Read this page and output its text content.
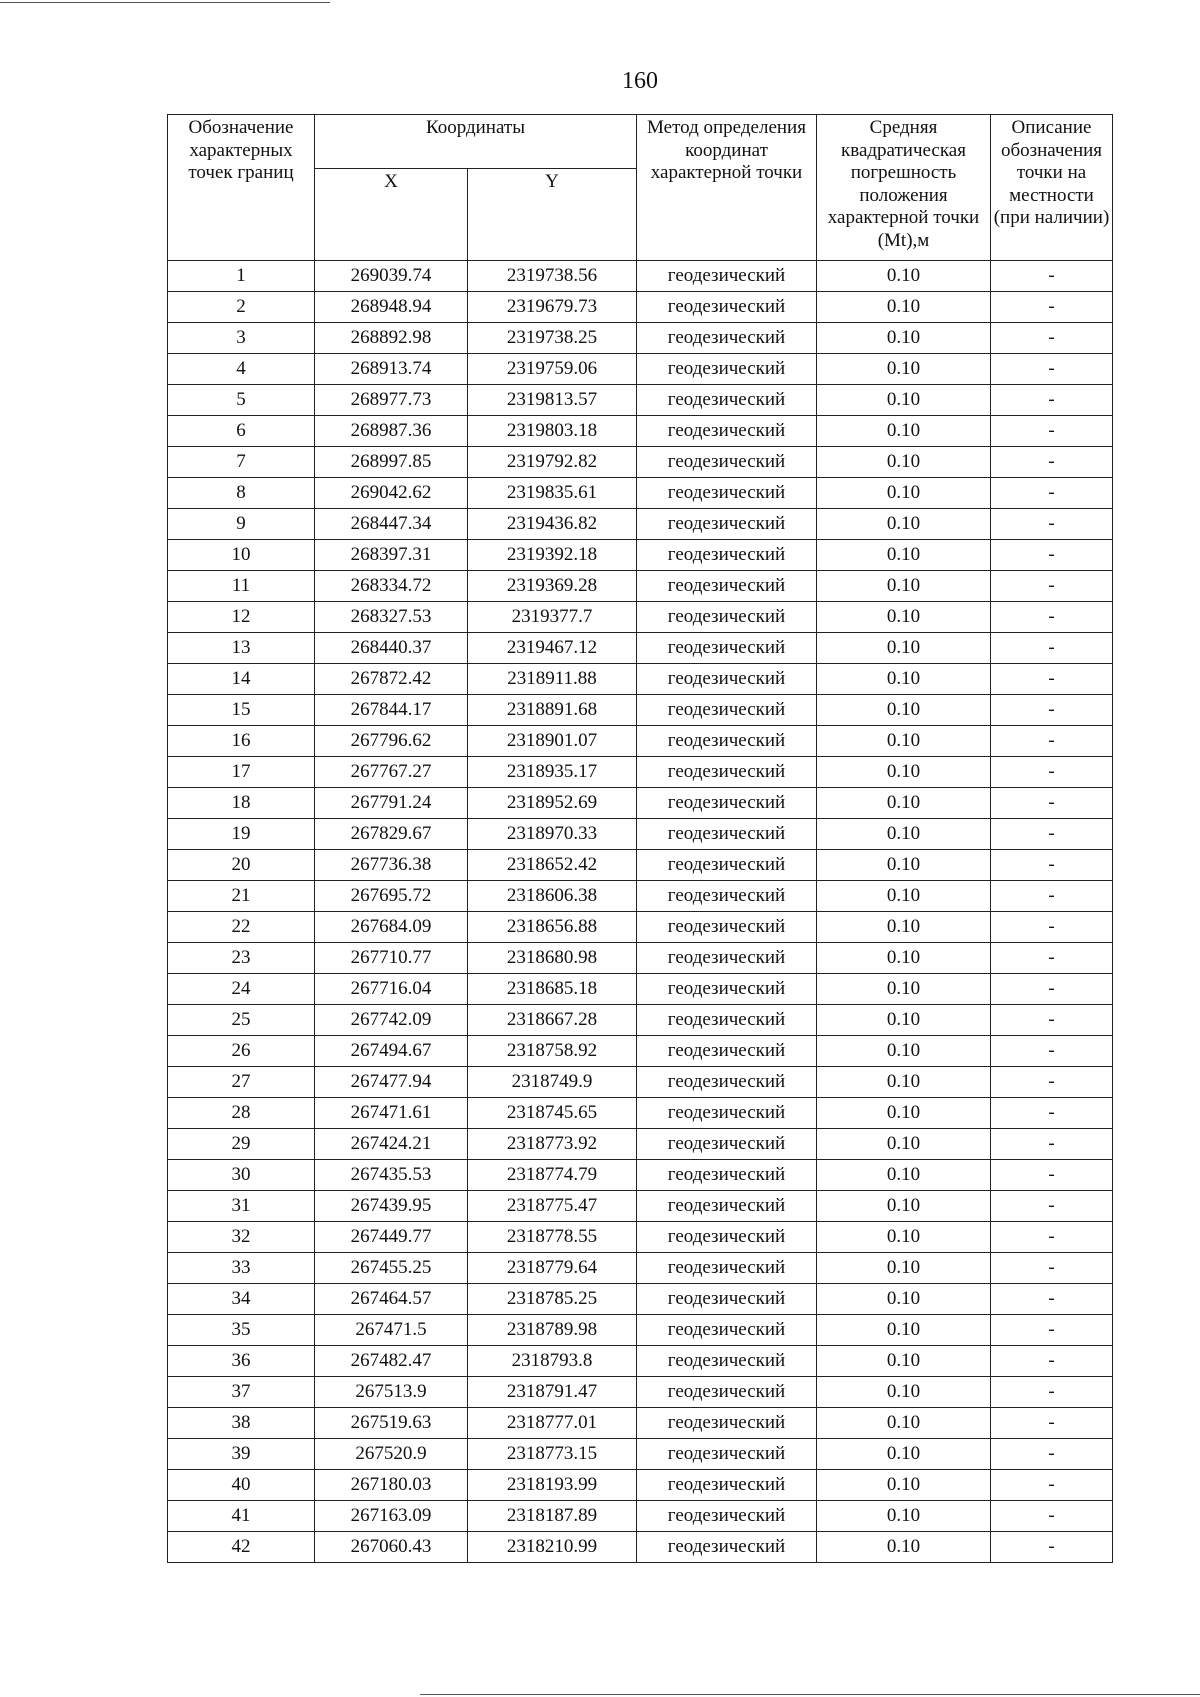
160
Обозначение характерных точек границ	Координаты		Метод определения координат характерной точки	Средняя квадратическая погрешность положения характерной точки (Mt),м	Описание обозначения точки на местности (при наличии)
	X	Y			
1	269039.74	2319738.56	геодезический	0.10	-
2	268948.94	2319679.73	геодезический	0.10	-
3	268892.98	2319738.25	геодезический	0.10	-
4	268913.74	2319759.06	геодезический	0.10	-
5	268977.73	2319813.57	геодезический	0.10	-
6	268987.36	2319803.18	геодезический	0.10	-
7	268997.85	2319792.82	геодезический	0.10	-
8	269042.62	2319835.61	геодезический	0.10	-
9	268447.34	2319436.82	геодезический	0.10	-
10	268397.31	2319392.18	геодезический	0.10	-
11	268334.72	2319369.28	геодезический	0.10	-
12	268327.53	2319377.7	геодезический	0.10	-
13	268440.37	2319467.12	геодезический	0.10	-
14	267872.42	2318911.88	геодезический	0.10	-
15	267844.17	2318891.68	геодезический	0.10	-
16	267796.62	2318901.07	геодезический	0.10	-
17	267767.27	2318935.17	геодезический	0.10	-
18	267791.24	2318952.69	геодезический	0.10	-
19	267829.67	2318970.33	геодезический	0.10	-
20	267736.38	2318652.42	геодезический	0.10	-
21	267695.72	2318606.38	геодезический	0.10	-
22	267684.09	2318656.88	геодезический	0.10	-
23	267710.77	2318680.98	геодезический	0.10	-
24	267716.04	2318685.18	геодезический	0.10	-
25	267742.09	2318667.28	геодезический	0.10	-
26	267494.67	2318758.92	геодезический	0.10	-
27	267477.94	2318749.9	геодезический	0.10	-
28	267471.61	2318745.65	геодезический	0.10	-
29	267424.21	2318773.92	геодезический	0.10	-
30	267435.53	2318774.79	геодезический	0.10	-
31	267439.95	2318775.47	геодезический	0.10	-
32	267449.77	2318778.55	геодезический	0.10	-
33	267455.25	2318779.64	геодезический	0.10	-
34	267464.57	2318785.25	геодезический	0.10	-
35	267471.5	2318789.98	геодезический	0.10	-
36	267482.47	2318793.8	геодезический	0.10	-
37	267513.9	2318791.47	геодезический	0.10	-
38	267519.63	2318777.01	геодезический	0.10	-
39	267520.9	2318773.15	геодезический	0.10	-
40	267180.03	2318193.99	геодезический	0.10	-
41	267163.09	2318187.89	геодезический	0.10	-
42	267060.43	2318210.99	геодезический	0.10	-
